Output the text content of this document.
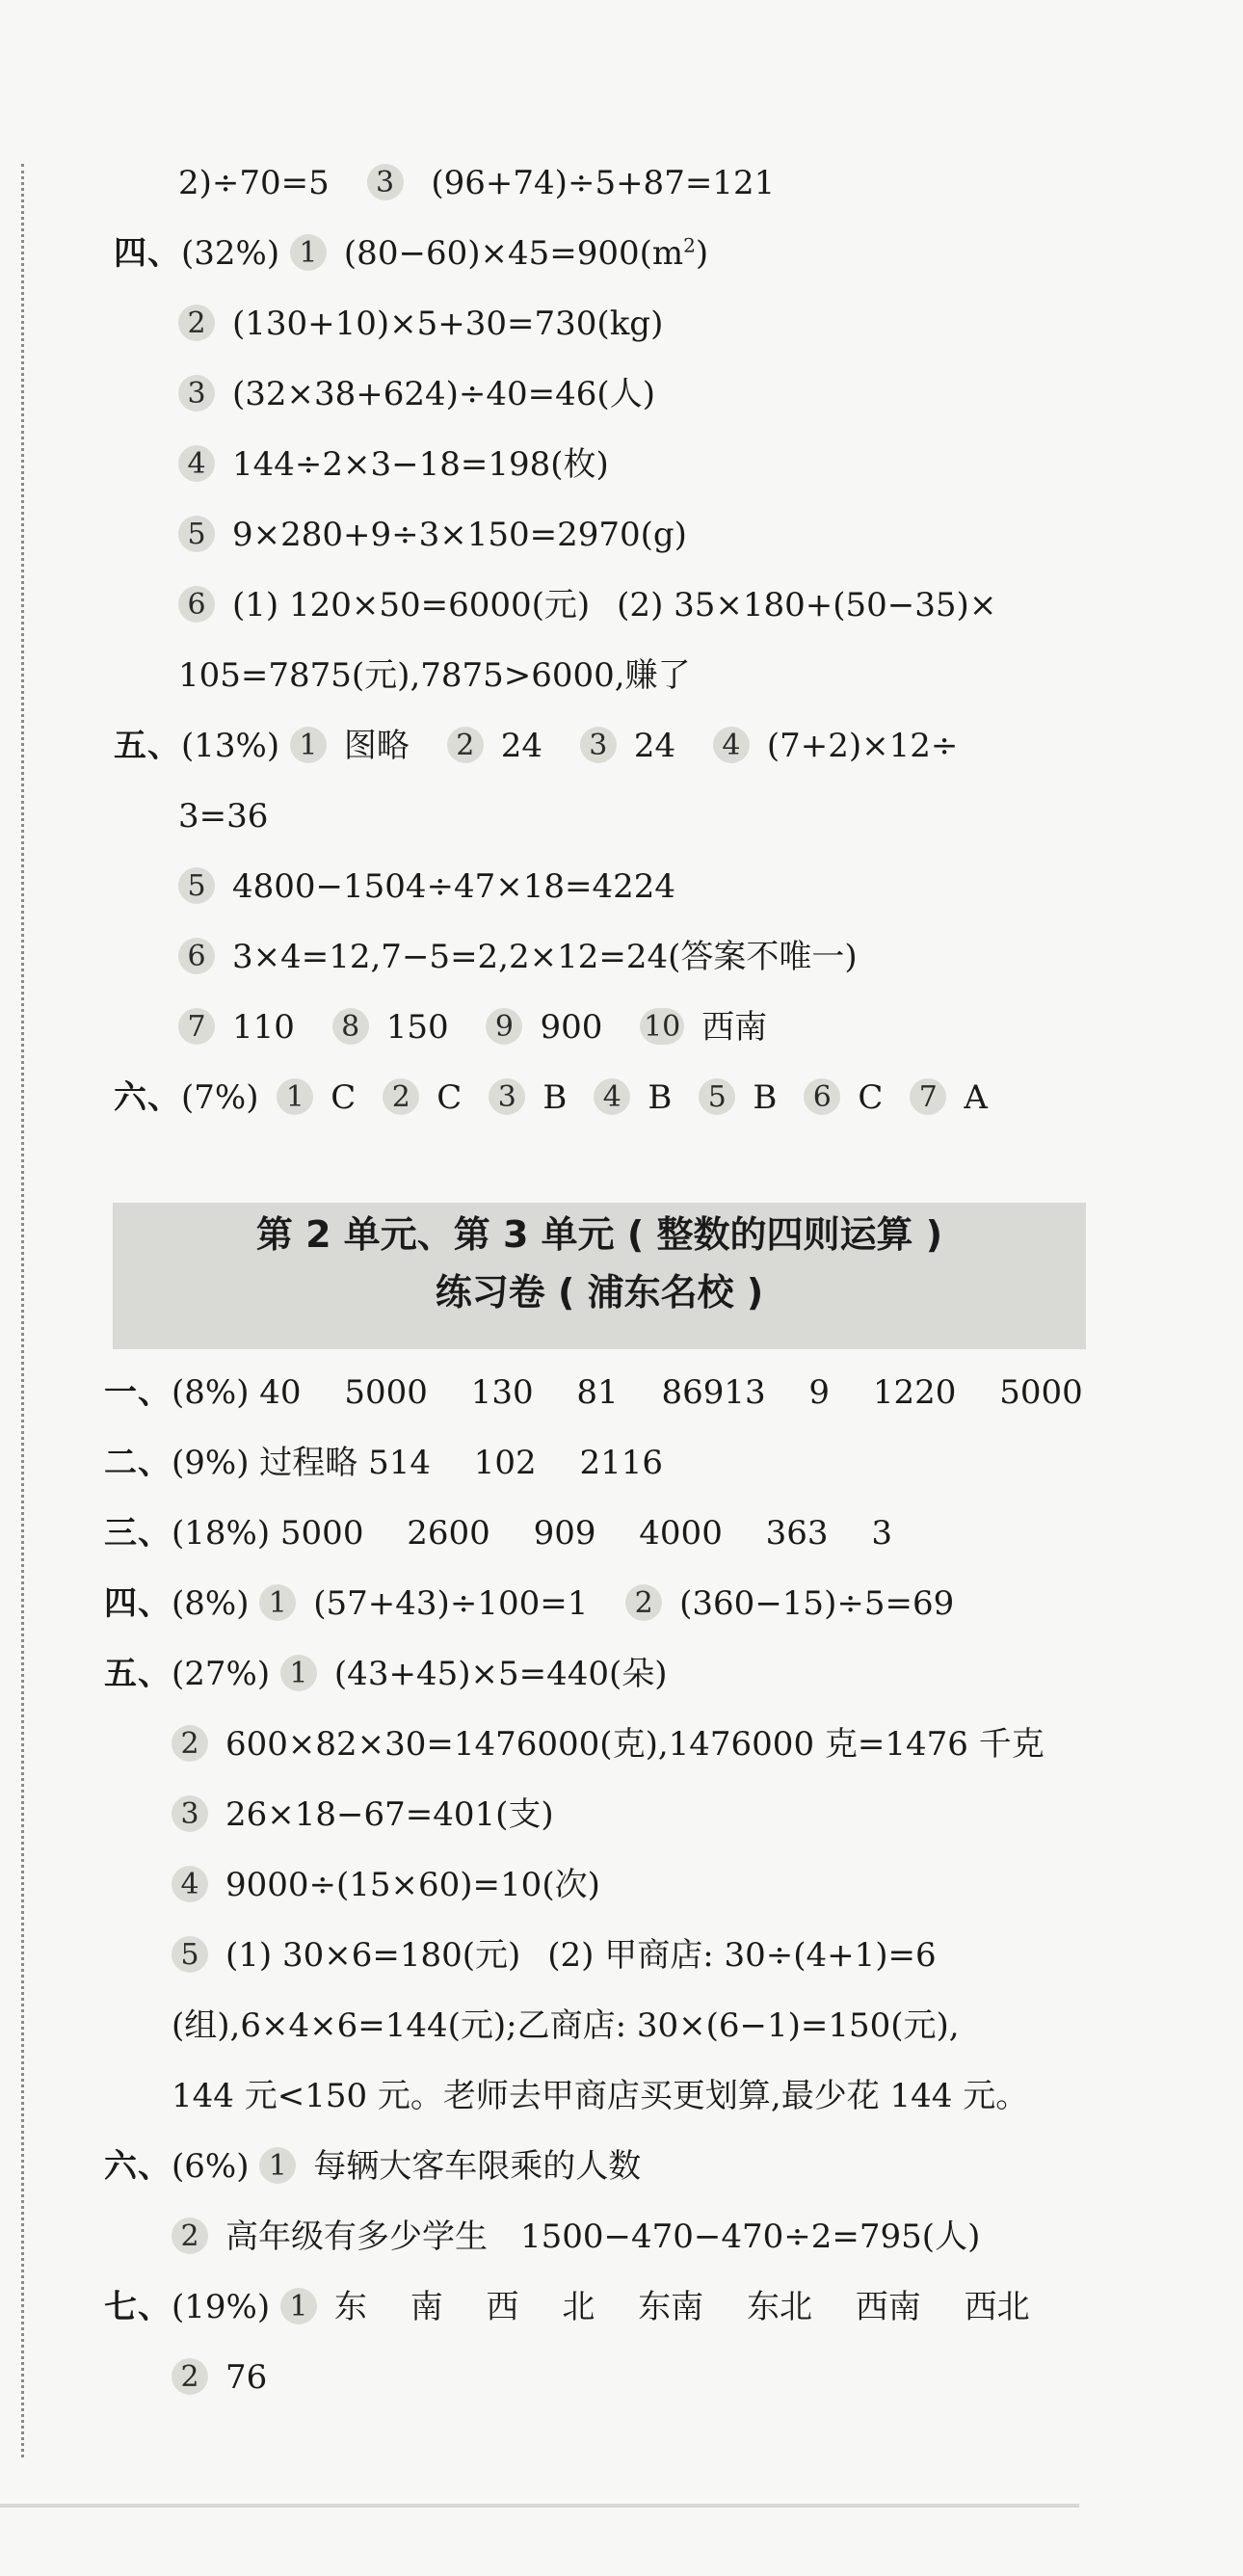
2)÷70=5 3 (96+74)÷5+87=121
四、(32%) 1 $(80-60)\times 45=900(m^2)$
2 (130+10)×5+30=730(kg)
3 (32×38+624)÷40=46(人)
4 144÷2×3−18=198(枚)
5 9×280+9÷3×150=2970(g)
6 (1) 120×50=6000(元) (2) 35×180+(50−35)×
105=7875(元),7875>6000,赚了
五、(13%) 1 图略 2 24 3 24 4 (7+2)×12÷
3=36
5 4800−1504÷47×18=4224
6 3×4=12,7−5=2,2×12=24(答案不唯一)
7 110 8 150 9 900 10 西南
六、(7%) 1 C 2 C 3 B 4 B 5 B 6 C 7 A
第 2 单元、第 3 单元 ( 整数的四则运算 )
练习卷 ( 浦东名校 )
一、(8%) 40　 5000　 130　 81　 86913　 9　 1220　 5000
二、(9%) 过程略 514　 102　 2116
三、(18%) 5000　 2600　 909　 4000　 363　 3
四、(8%) 1 (57+43)÷100=1 2 (360−15)÷5=69
五、(27%) 1 (43+45)×5=440(朵)
2 600×82×30=1476000(克),1476000 克=1476 千克
3 26×18−67=401(支)
4 9000÷(15×60)=10(次)
5 (1) 30×6=180(元) (2) 甲商店: 30÷(4+1)=6
(组),6×4×6=144(元);乙商店: 30×(6−1)=150(元),
144 元<150 元。老师去甲商店买更划算,最少花 144 元。
六、(6%) 1 每辆大客车限乘的人数
2 高年级有多少学生　1500−470−470÷2=795(人)
七、(19%) 1 东　 南　 西　 北　 东南　 东北　 西南　 西北
2 76
